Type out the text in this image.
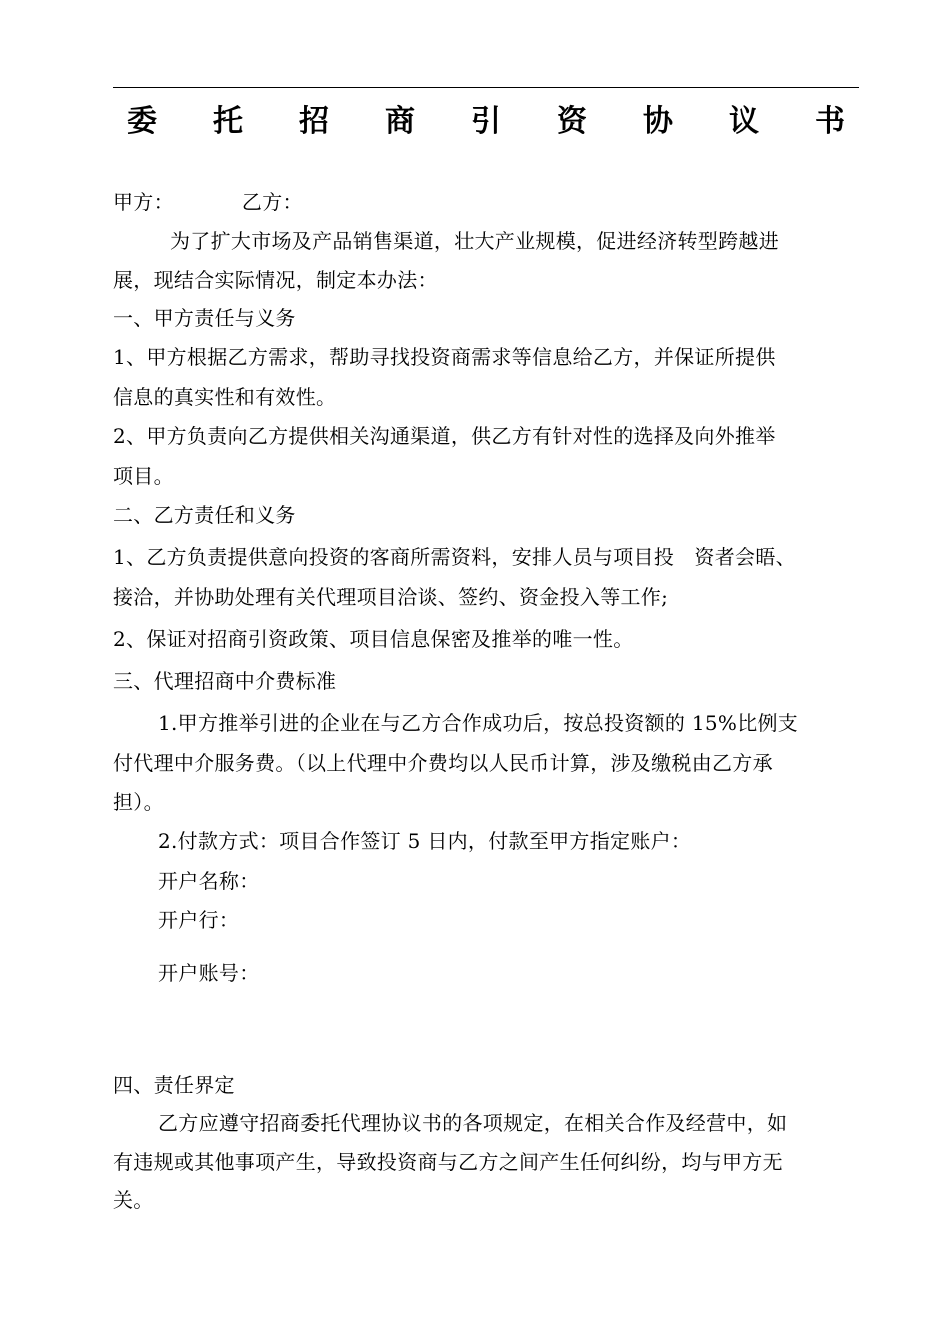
委 托 招 商 引 资 协 议 书
甲方：	乙方：
为了扩大市场及产品销售渠道，壮大产业规模，促进经济转型跨越进
展，现结合实际情况，制定本办法：
一、甲方责任与义务
1、甲方根据乙方需求，帮助寻找投资商需求等信息给乙方，并保证所提供
信息的真实性和有效性。
2、甲方负责向乙方提供相关沟通渠道，供乙方有针对性的选择及向外推举
项目。
二、乙方责任和义务
1、乙方负责提供意向投资的客商所需资料，安排人员与项目投　资者会晤、
接洽，并协助处理有关代理项目洽谈、签约、资金投入等工作;
2、保证对招商引资政策、项目信息保密及推举的唯一性。
三、代理招商中介费标准
1.甲方推举引进的企业在与乙方合作成功后，按总投资额的 15%比例支
付代理中介服务费。（以上代理中介费均以人民币计算，涉及缴税由乙方承
担）。
2.付款方式：项目合作签订 5 日内，付款至甲方指定账户：
开户名称：
开户行：
开户账号：
四、责任界定
乙方应遵守招商委托代理协议书的各项规定，在相关合作及经营中，如
有违规或其他事项产生，导致投资商与乙方之间产生任何纠纷，均与甲方无
关。
